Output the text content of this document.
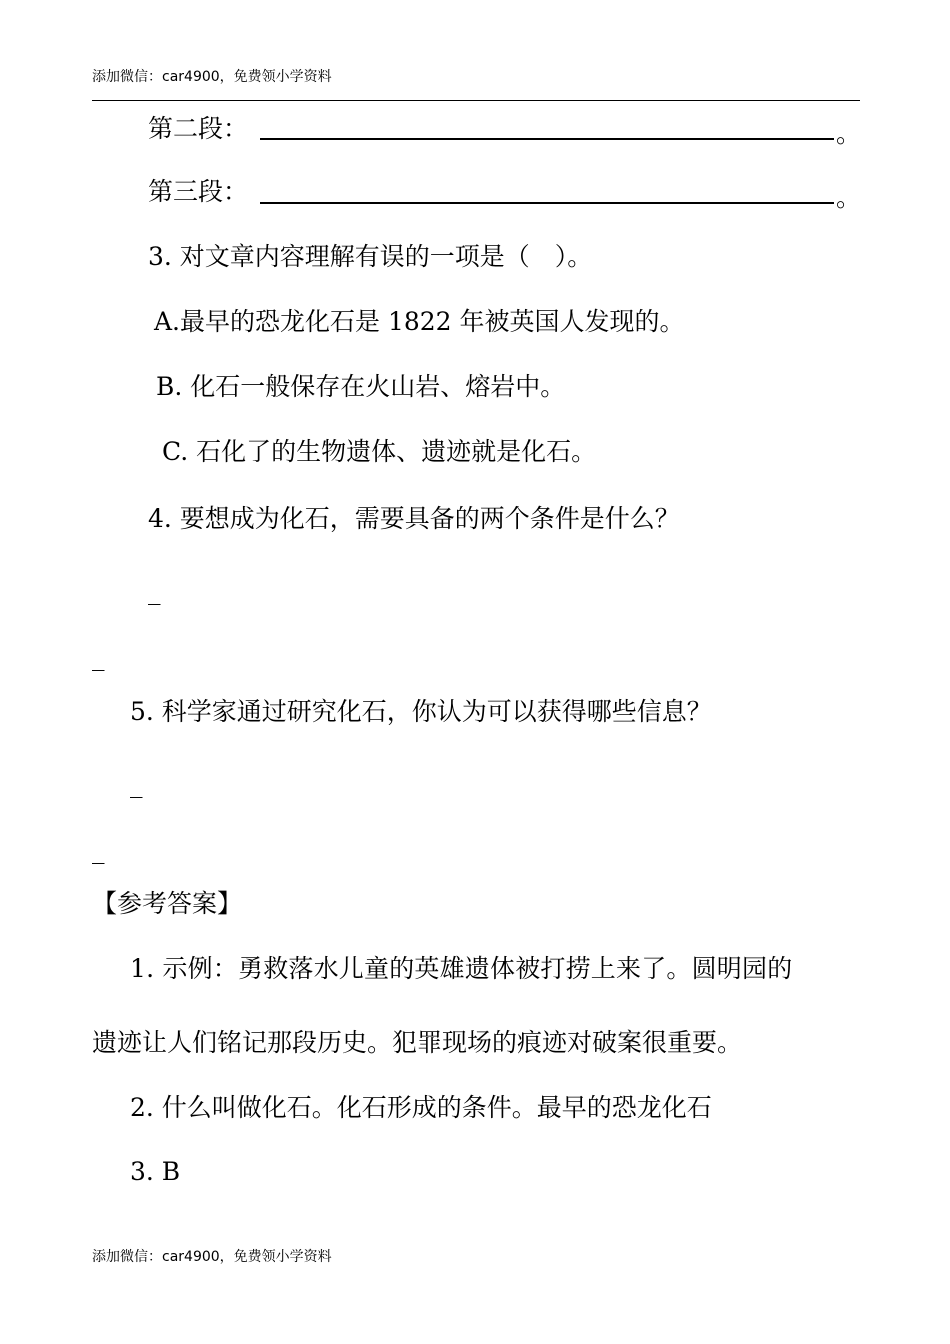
添加微信：car4900，免费领小学资料
第二段：	。
第三段：	。
3. 对文章内容理解有误的一项是（　）。
A.最早的恐龙化石是 1822 年被英国人发现的。
B. 化石一般保存在火山岩、熔岩中。
C. 石化了的生物遗体、遗迹就是化石。
4. 要想成为化石，需要具备的两个条件是什么？
_
_
5. 科学家通过研究化石，你认为可以获得哪些信息？
_
_
【参考答案】
1. 示例：勇救落水儿童的英雄遗体被打捞上来了。圆明园的
遗迹让人们铭记那段历史。犯罪现场的痕迹对破案很重要。
2. 什么叫做化石。化石形成的条件。最早的恐龙化石
3. B
添加微信：car4900，免费领小学资料
